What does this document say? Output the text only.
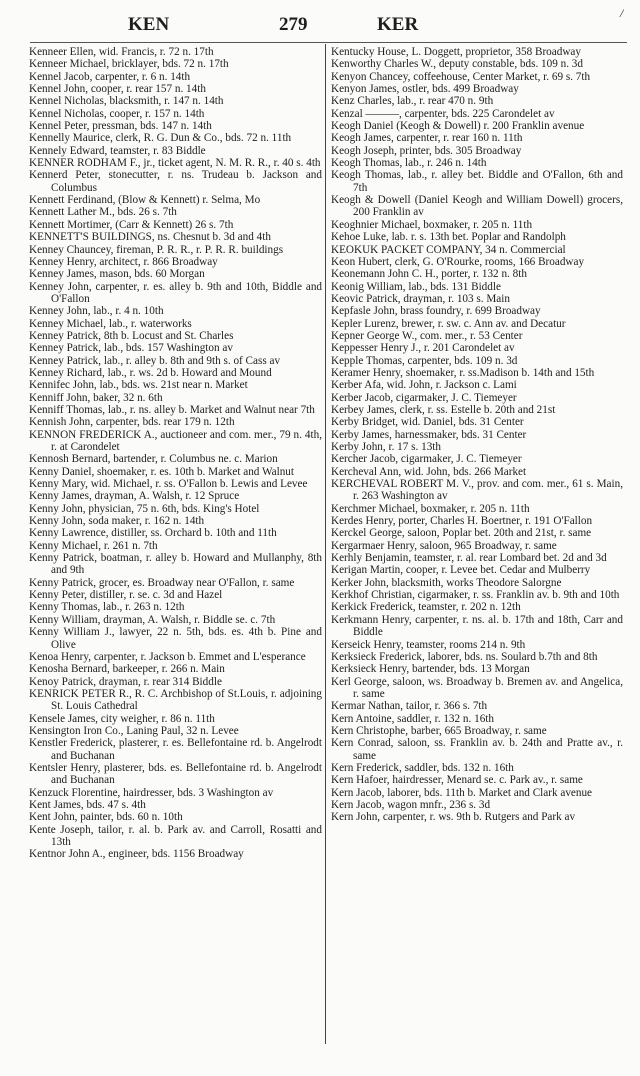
KEN	279	KER
/

Kenneer Ellen, wid. Francis, r. 72 n. 17th

Kenneer Michael, bricklayer, bds. 72 n. 17th

Kennel Jacob, carpenter, r. 6 n. 14th

Kennel John, cooper, r. rear 157 n. 14th

Kennel Nicholas, blacksmith, r. 147 n. 14th

Kennel Nicholas, cooper, r. 157 n. 14th

Kennel Peter, pressman, bds. 147 n. 14th

Kennelly Maurice, clerk, R. G. Dun & Co., bds. 72 n. 11th

Kennely Edward, teamster, r. 83 Biddle

KENNER RODHAM F., jr., ticket agent, N. M. R. R., r. 40 s. 4th

Kennerd Peter, stonecutter, r. ns. Trudeau b. Jackson and Columbus

Kennett Ferdinand, (Blow & Kennett) r. Selma, Mo

Kennett Lather M., bds. 26 s. 7th

Kennett Mortimer, (Carr & Kennett) 26 s. 7th

KENNETT'S BUILDINGS, ns. Chesnut b. 3d and 4th

Kenney Chauncey, fireman, P. R. R., r. P. R. R. buildings

Kenney Henry, architect, r. 866 Broadway

Kenney James, mason, bds. 60 Morgan

Kenney John, carpenter, r. es. alley b. 9th and 10th, Biddle and O'Fallon

Kenney John, lab., r. 4 n. 10th

Kenney Michael, lab., r. waterworks

Kenney Patrick, 8th b. Locust and St. Charles

Kenney Patrick, lab., bds. 157 Washington av

Kenney Patrick, lab., r. alley b. 8th and 9th s. of Cass av

Kenney Richard, lab., r. ws. 2d b. Howard and Mound

Kennifec John, lab., bds. ws. 21st near n. Market

Kenniff John, baker, 32 n. 6th

Kenniff Thomas, lab., r. ns. alley b. Market and Walnut near 7th

Kennish John, carpenter, bds. rear 179 n. 12th

KENNON FREDERICK A., auctioneer and com. mer., 79 n. 4th, r. at Carondelet

Kennosh Bernard, bartender, r. Columbus ne. c. Marion

Kenny Daniel, shoemaker, r. es. 10th b. Market and Walnut

Kenny Mary, wid. Michael, r. ss. O'Fallon b. Lewis and Levee

Kenny James, drayman, A. Walsh, r. 12 Spruce

Kenny John, physician, 75 n. 6th, bds. King's Hotel

Kenny John, soda maker, r. 162 n. 14th

Kenny Lawrence, distiller, ss. Orchard b. 10th and 11th

Kenny Michael, r. 261 n. 7th

Kenny Patrick, boatman, r. alley b. Howard and Mullanphy, 8th and 9th

Kenny Patrick, grocer, es. Broadway near O'Fallon, r. same

Kenny Peter, distiller, r. se. c. 3d and Hazel

Kenny Thomas, lab., r. 263 n. 12th

Kenny William, drayman, A. Walsh, r. Biddle se. c. 7th

Kenny William J., lawyer, 22 n. 5th, bds. es. 4th b. Pine and Olive

Kenoa Henry, carpenter, r. Jackson b. Emmet and L'esperance

Kenosha Bernard, barkeeper, r. 266 n. Main

Kenoy Patrick, drayman, r. rear 314 Biddle

KENRICK PETER R., R. C. Archbishop of St.Louis, r. adjoining St. Louis Cathedral

Kensele James, city weigher, r. 86 n. 11th

Kensington Iron Co., Laning Paul, 32 n. Levee

Kenstler Frederick, plasterer, r. es. Bellefontaine rd. b. Angelrodt and Buchanan

Kentsler Henry, plasterer, bds. es. Bellefontaine rd. b. Angelrodt and Buchanan

Kenzuck Florentine, hairdresser, bds. 3 Washington av

Kent James, bds. 47 s. 4th

Kent John, painter, bds. 60 n. 10th

Kente Joseph, tailor, r. al. b. Park av. and Carroll, Rosatti and 13th

Kentnor John A., engineer, bds. 1156 Broadway

Kentucky House, L. Doggett, proprietor, 358 Broadway

Kenworthy Charles W., deputy constable, bds. 109 n. 3d

Kenyon Chancey, coffeehouse, Center Market, r. 69 s. 7th

Kenyon James, ostler, bds. 499 Broadway

Kenz Charles, lab., r. rear 470 n. 9th

Kenzal ———, carpenter, bds. 225 Carondelet av

Keogh Daniel (Keogh & Dowell) r. 200 Franklin avenue

Keogh James, carpenter, r. rear 160 n. 11th

Keogh Joseph, printer, bds. 305 Broadway

Keogh Thomas, lab., r. 246 n. 14th

Keogh Thomas, lab., r. alley bet. Biddle and O'Fallon, 6th and 7th

Keogh & Dowell (Daniel Keogh and William Dowell) grocers, 200 Franklin av

Keoghnier Michael, boxmaker, r. 205 n. 11th

Kehoe Luke, lab. r. s. 13th bet. Poplar and Randolph

KEOKUK PACKET COMPANY, 34 n. Commercial

Keon Hubert, clerk, G. O'Rourke, rooms, 166 Broadway

Keonemann John C. H., porter, r. 132 n. 8th

Keonig William, lab., bds. 131 Biddle

Keovic Patrick, drayman, r. 103 s. Main

Kepfasle John, brass foundry, r. 699 Broadway

Kepler Lurenz, brewer, r. sw. c. Ann av. and Decatur

Kepner George W., com. mer., r. 53 Center

Keppesser Henry J., r. 201 Carondelet av

Kepple Thomas, carpenter, bds. 109 n. 3d

Keramer Henry, shoemaker, r. ss.Madison b. 14th and 15th

Kerber Afa, wid. John, r. Jackson c. Lami

Kerber Jacob, cigarmaker, J. C. Tiemeyer

Kerbey James, clerk, r. ss. Estelle b. 20th and 21st

Kerby Bridget, wid. Daniel, bds. 31 Center

Kerby James, harnessmaker, bds. 31 Center

Kerby John, r. 17 s. 13th

Kercher Jacob, cigarmaker, J. C. Tiemeyer

Kercheval Ann, wid. John, bds. 266 Market

KERCHEVAL ROBERT M. V., prov. and com. mer., 61 s. Main, r. 263 Washington av

Kerchmer Michael, boxmaker, r. 205 n. 11th

Kerdes Henry, porter, Charles H. Boertner, r. 191 O'Fallon

Kerckel George, saloon, Poplar bet. 20th and 21st, r. same

Kergarmaer Henry, saloon, 965 Broadway, r. same

Kerhly Benjamin, teamster, r. al. rear Lombard bet. 2d and 3d

Kerigan Martin, cooper, r. Levee bet. Cedar and Mulberry

Kerker John, blacksmith, works Theodore Salorgne

Kerkhof Christian, cigarmaker, r. ss. Franklin av. b. 9th and 10th

Kerkick Frederick, teamster, r. 202 n. 12th

Kerkmann Henry, carpenter, r. ns. al. b. 17th and 18th, Carr and Biddle

Kerseick Henry, teamster, rooms 214 n. 9th

Kerksieck Frederick, laborer, bds. ns. Soulard b.7th and 8th

Kerksieck Henry, bartender, bds. 13 Morgan

Kerl George, saloon, ws. Broadway b. Bremen av. and Angelica, r. same

Kermar Nathan, tailor, r. 366 s. 7th

Kern Antoine, saddler, r. 132 n. 16th

Kern Christophe, barber, 665 Broadway, r. same

Kern Conrad, saloon, ss. Franklin av. b. 24th and Pratte av., r. same

Kern Frederick, saddler, bds. 132 n. 16th

Kern Hafoer, hairdresser, Menard se. c. Park av., r. same

Kern Jacob, laborer, bds. 11th b. Market and Clark avenue

Kern Jacob, wagon mnfr., 236 s. 3d

Kern John, carpenter, r. ws. 9th b. Rutgers and Park av
